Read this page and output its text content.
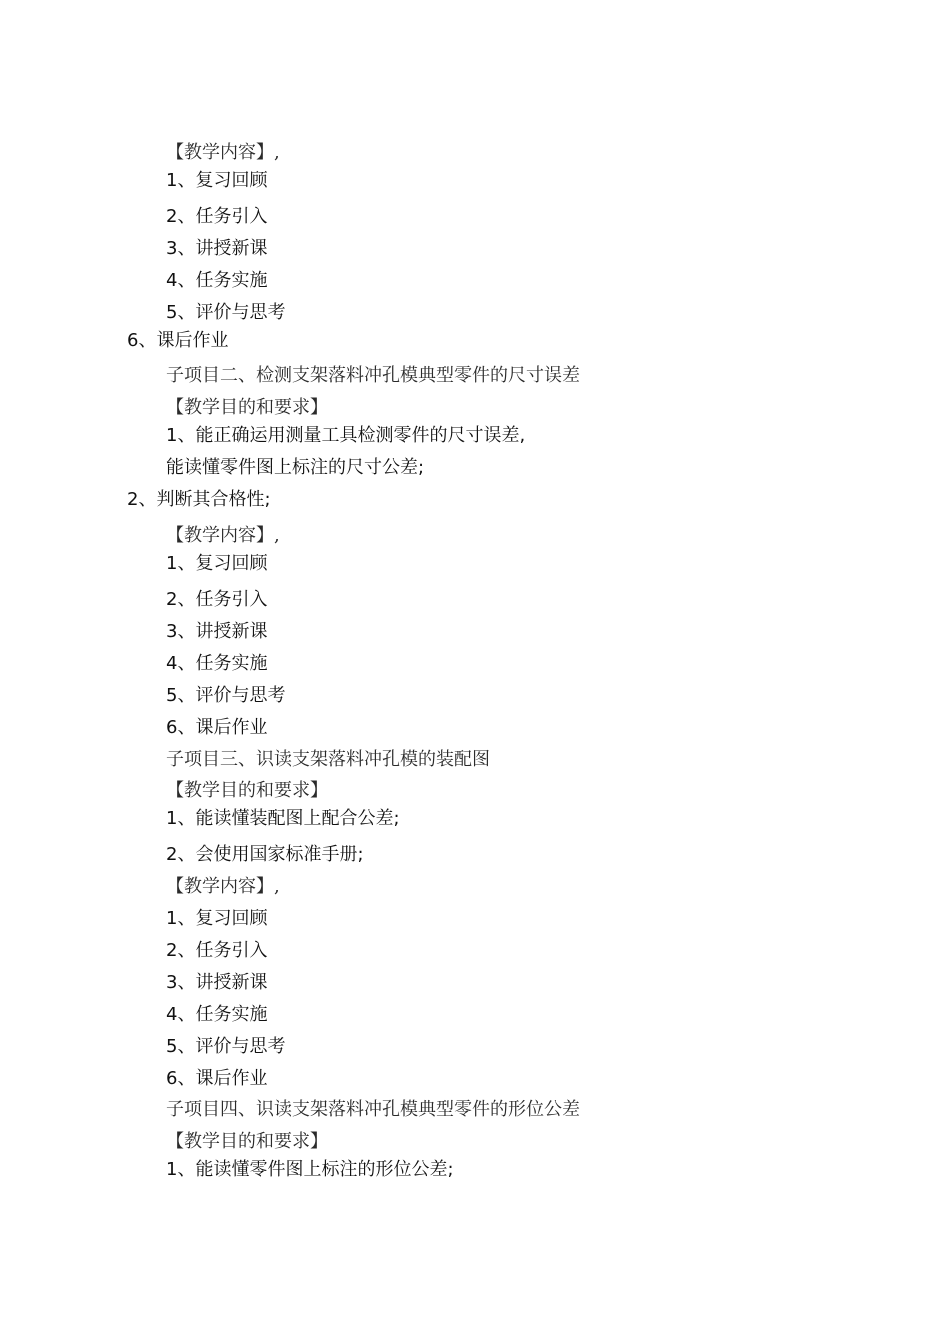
【教学内容】,
1、复习回顾
2、任务引入
3、讲授新课
4、任务实施
5、评价与思考
6、课后作业
子项目二、检测支架落料冲孔模典型零件的尺寸误差
【教学目的和要求】
1、能正确运用测量工具检测零件的尺寸误差,
能读懂零件图上标注的尺寸公差;
2、判断其合格性;
【教学内容】,
1、复习回顾
2、任务引入
3、讲授新课
4、任务实施
5、评价与思考
6、课后作业
子项目三、识读支架落料冲孔模的装配图
【教学目的和要求】
1、能读懂装配图上配合公差;
2、会使用国家标准手册;
【教学内容】,
1、复习回顾
2、任务引入
3、讲授新课
4、任务实施
5、评价与思考
6、课后作业
子项目四、识读支架落料冲孔模典型零件的形位公差
【教学目的和要求】
1、能读懂零件图上标注的形位公差;
